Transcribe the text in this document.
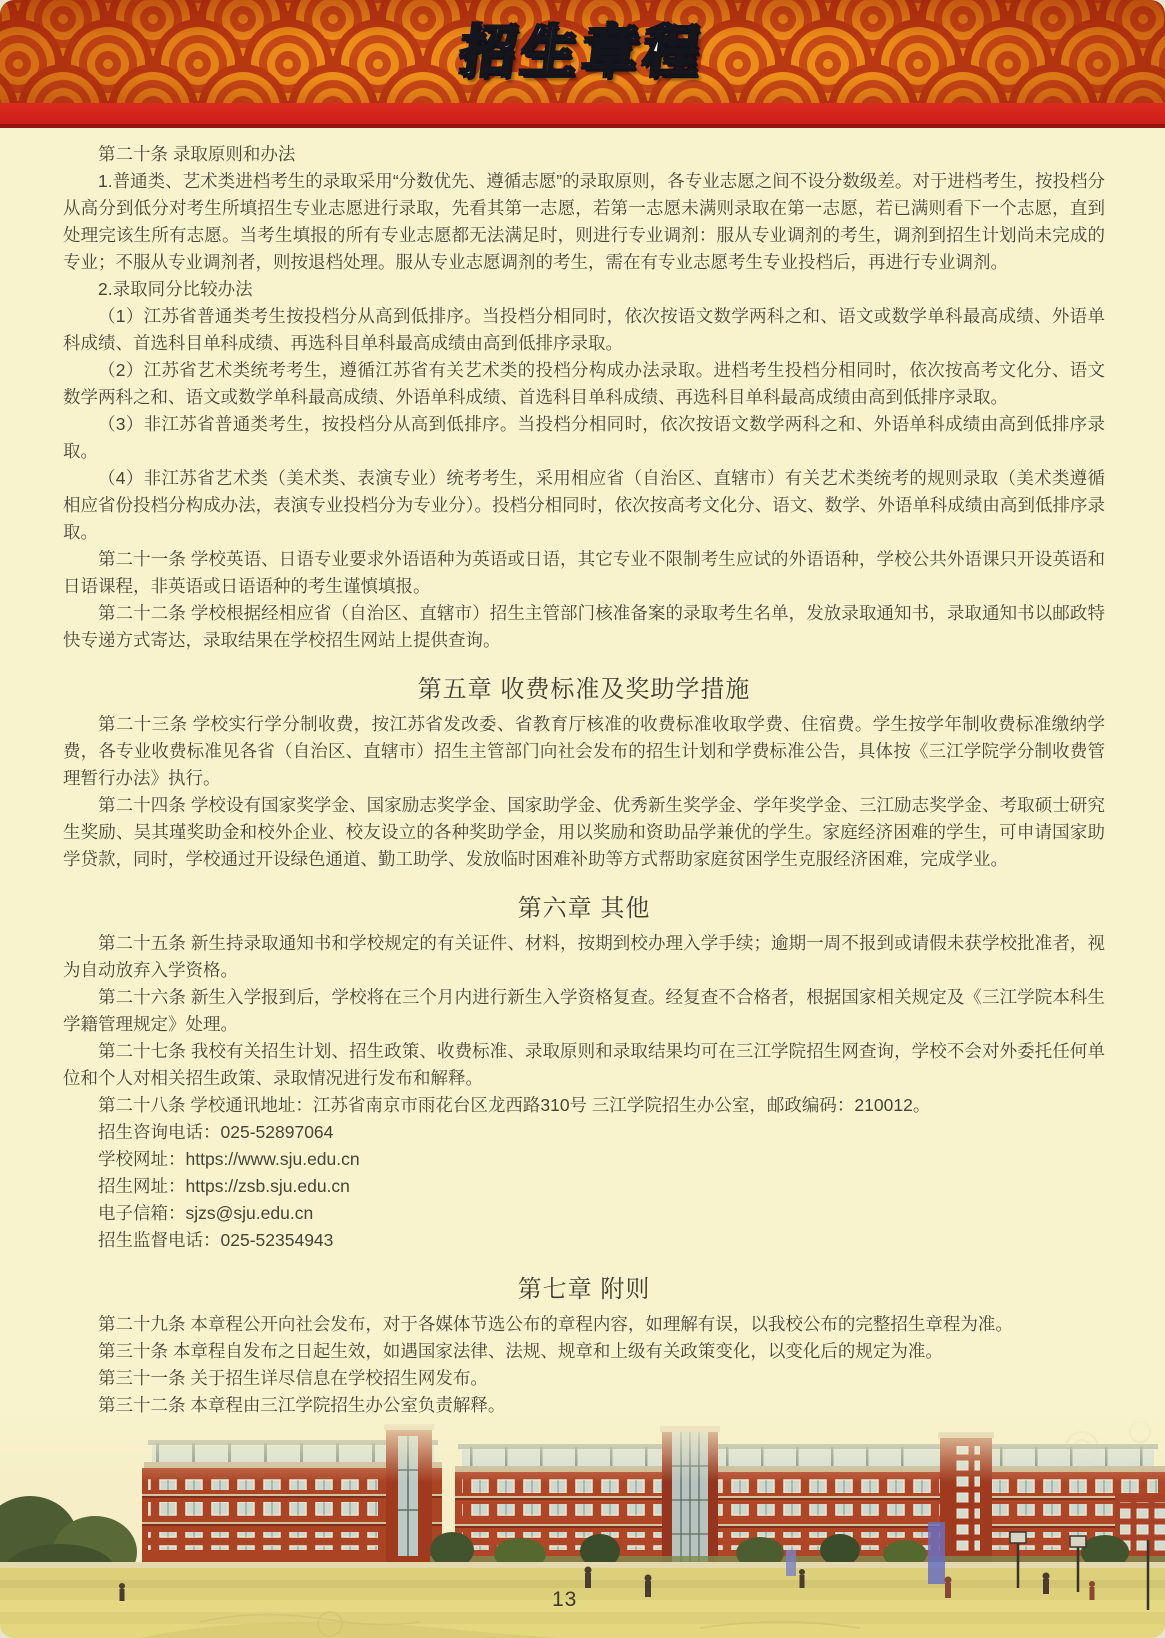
招生章程

第二十条 录取原则和办法

1.普通类、艺术类进档考生的录取采用“分数优先、遵循志愿”的录取原则，各专业志愿之间不设分数级差。对于进档考生，按投档分从高分到低分对考生所填招生专业志愿进行录取，先看其第一志愿，若第一志愿未满则录取在第一志愿，若已满则看下一个志愿，直到处理完该生所有志愿。当考生填报的所有专业志愿都无法满足时，则进行专业调剂：服从专业调剂的考生，调剂到招生计划尚未完成的专业；不服从专业调剂者，则按退档处理。服从专业志愿调剂的考生，需在有专业志愿考生专业投档后，再进行专业调剂。

2.录取同分比较办法

（1）江苏省普通类考生按投档分从高到低排序。当投档分相同时，依次按语文数学两科之和、语文或数学单科最高成绩、外语单科成绩、首选科目单科成绩、再选科目单科最高成绩由高到低排序录取。

（2）江苏省艺术类统考考生，遵循江苏省有关艺术类的投档分构成办法录取。进档考生投档分相同时，依次按高考文化分、语文数学两科之和、语文或数学单科最高成绩、外语单科成绩、首选科目单科成绩、再选科目单科最高成绩由高到低排序录取。

（3）非江苏省普通类考生，按投档分从高到低排序。当投档分相同时，依次按语文数学两科之和、外语单科成绩由高到低排序录取。

（4）非江苏省艺术类（美术类、表演专业）统考考生，采用相应省（自治区、直辖市）有关艺术类统考的规则录取（美术类遵循相应省份投档分构成办法，表演专业投档分为专业分）。投档分相同时，依次按高考文化分、语文、数学、外语单科成绩由高到低排序录取。

第二十一条 学校英语、日语专业要求外语语种为英语或日语，其它专业不限制考生应试的外语语种，学校公共外语课只开设英语和日语课程，非英语或日语语种的考生谨慎填报。

第二十二条 学校根据经相应省（自治区、直辖市）招生主管部门核准备案的录取考生名单，发放录取通知书，录取通知书以邮政特快专递方式寄达，录取结果在学校招生网站上提供查询。

第五章 收费标准及奖助学措施

第二十三条 学校实行学分制收费，按江苏省发改委、省教育厅核准的收费标准收取学费、住宿费。学生按学年制收费标准缴纳学费，各专业收费标准见各省（自治区、直辖市）招生主管部门向社会发布的招生计划和学费标准公告，具体按《三江学院学分制收费管理暂行办法》执行。

第二十四条 学校设有国家奖学金、国家励志奖学金、国家助学金、优秀新生奖学金、学年奖学金、三江励志奖学金、考取硕士研究生奖励、吴其瑾奖助金和校外企业、校友设立的各种奖助学金，用以奖励和资助品学兼优的学生。家庭经济困难的学生，可申请国家助学贷款，同时，学校通过开设绿色通道、勤工助学、发放临时困难补助等方式帮助家庭贫困学生克服经济困难，完成学业。

第六章 其他

第二十五条 新生持录取通知书和学校规定的有关证件、材料，按期到校办理入学手续；逾期一周不报到或请假未获学校批准者，视为自动放弃入学资格。

第二十六条 新生入学报到后，学校将在三个月内进行新生入学资格复查。经复查不合格者，根据国家相关规定及《三江学院本科生学籍管理规定》处理。

第二十七条 我校有关招生计划、招生政策、收费标准、录取原则和录取结果均可在三江学院招生网查询，学校不会对外委托任何单位和个人对相关招生政策、录取情况进行发布和解释。

第二十八条 学校通讯地址：江苏省南京市雨花台区龙西路310号 三江学院招生办公室，邮政编码：210012。

招生咨询电话：025-52897064

学校网址：https://www.sju.edu.cn

招生网址：https://zsb.sju.edu.cn

电子信箱：sjzs@sju.edu.cn

招生监督电话：025-52354943

第七章 附则

第二十九条 本章程公开向社会发布，对于各媒体节选公布的章程内容，如理解有误，以我校公布的完整招生章程为准。

第三十条 本章程自发布之日起生效，如遇国家法律、法规、规章和上级有关政策变化，以变化后的规定为准。

第三十一条 关于招生详尽信息在学校招生网发布。

第三十二条 本章程由三江学院招生办公室负责解释。

13
